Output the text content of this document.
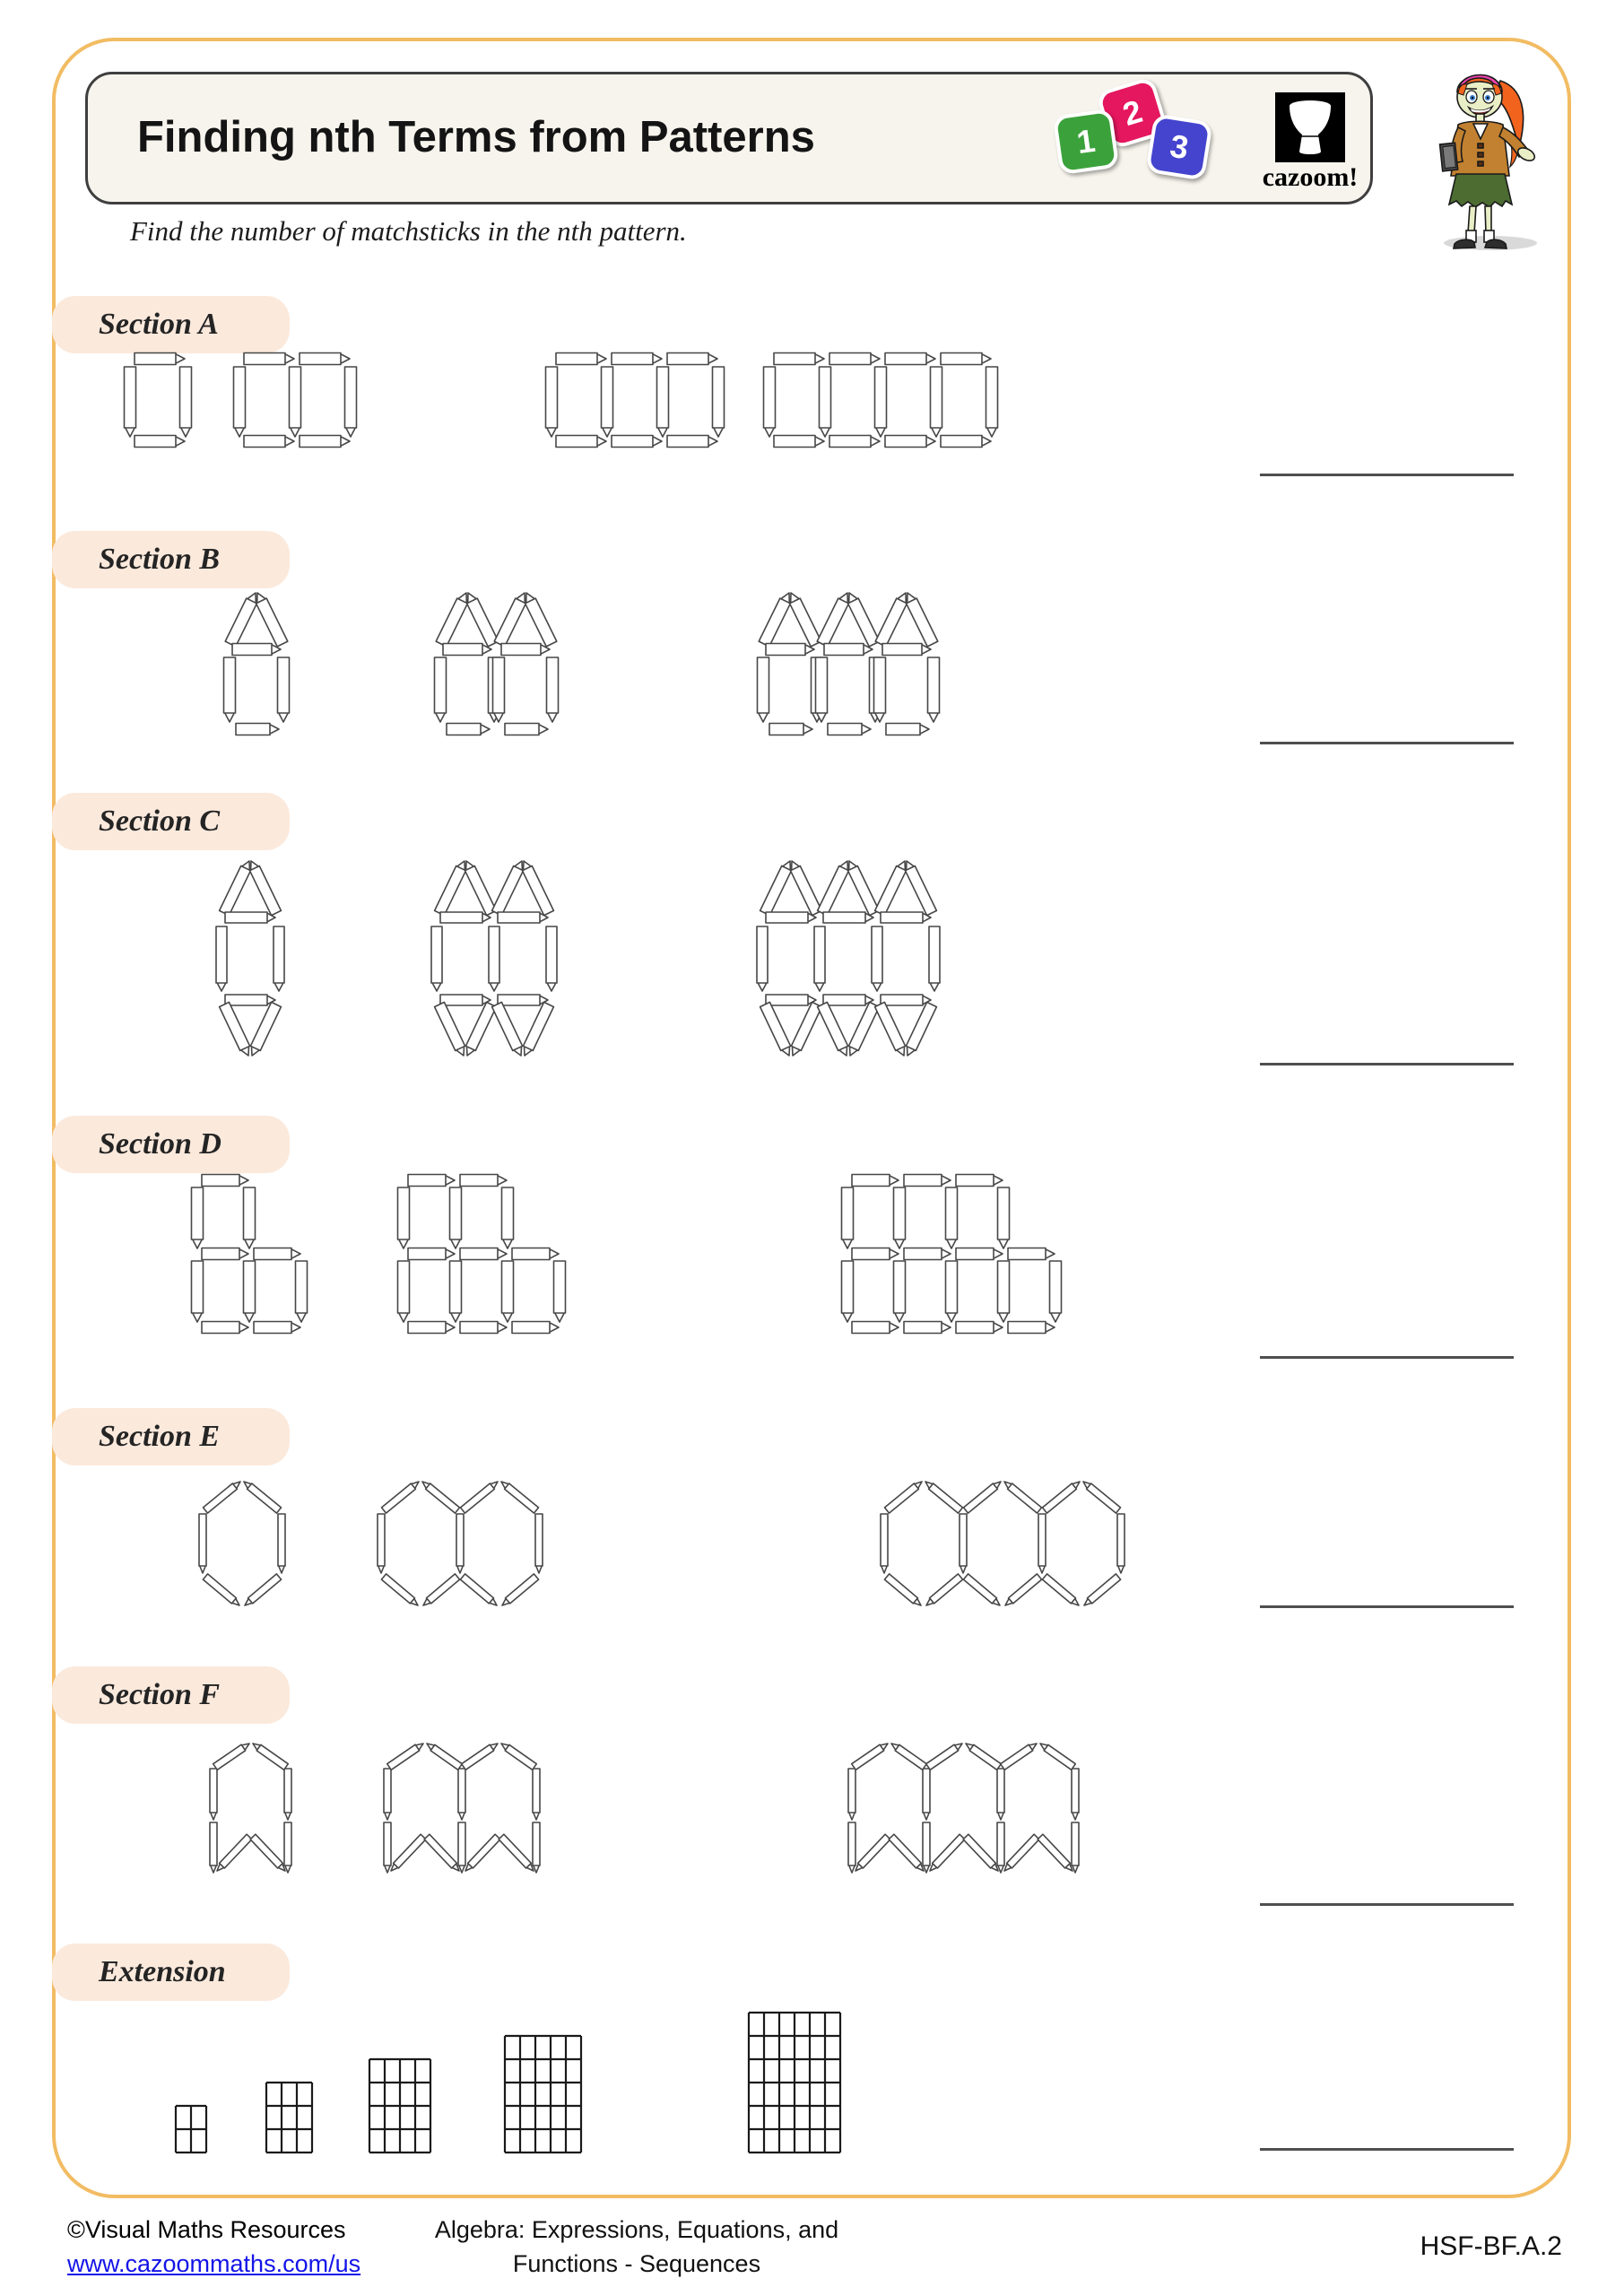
Finding nth Terms from Patterns
2
1 3
cazoom!
Find the number of matchsticks in the nth pattern.
Section A
Section B
Section C
Section D
Section E
Section F
Extension
©Visual Maths Resources
www.cazoommaths.com/us
Algebra: Expressions, Equations, and
Functions - Sequences
HSF-BF.A.2
